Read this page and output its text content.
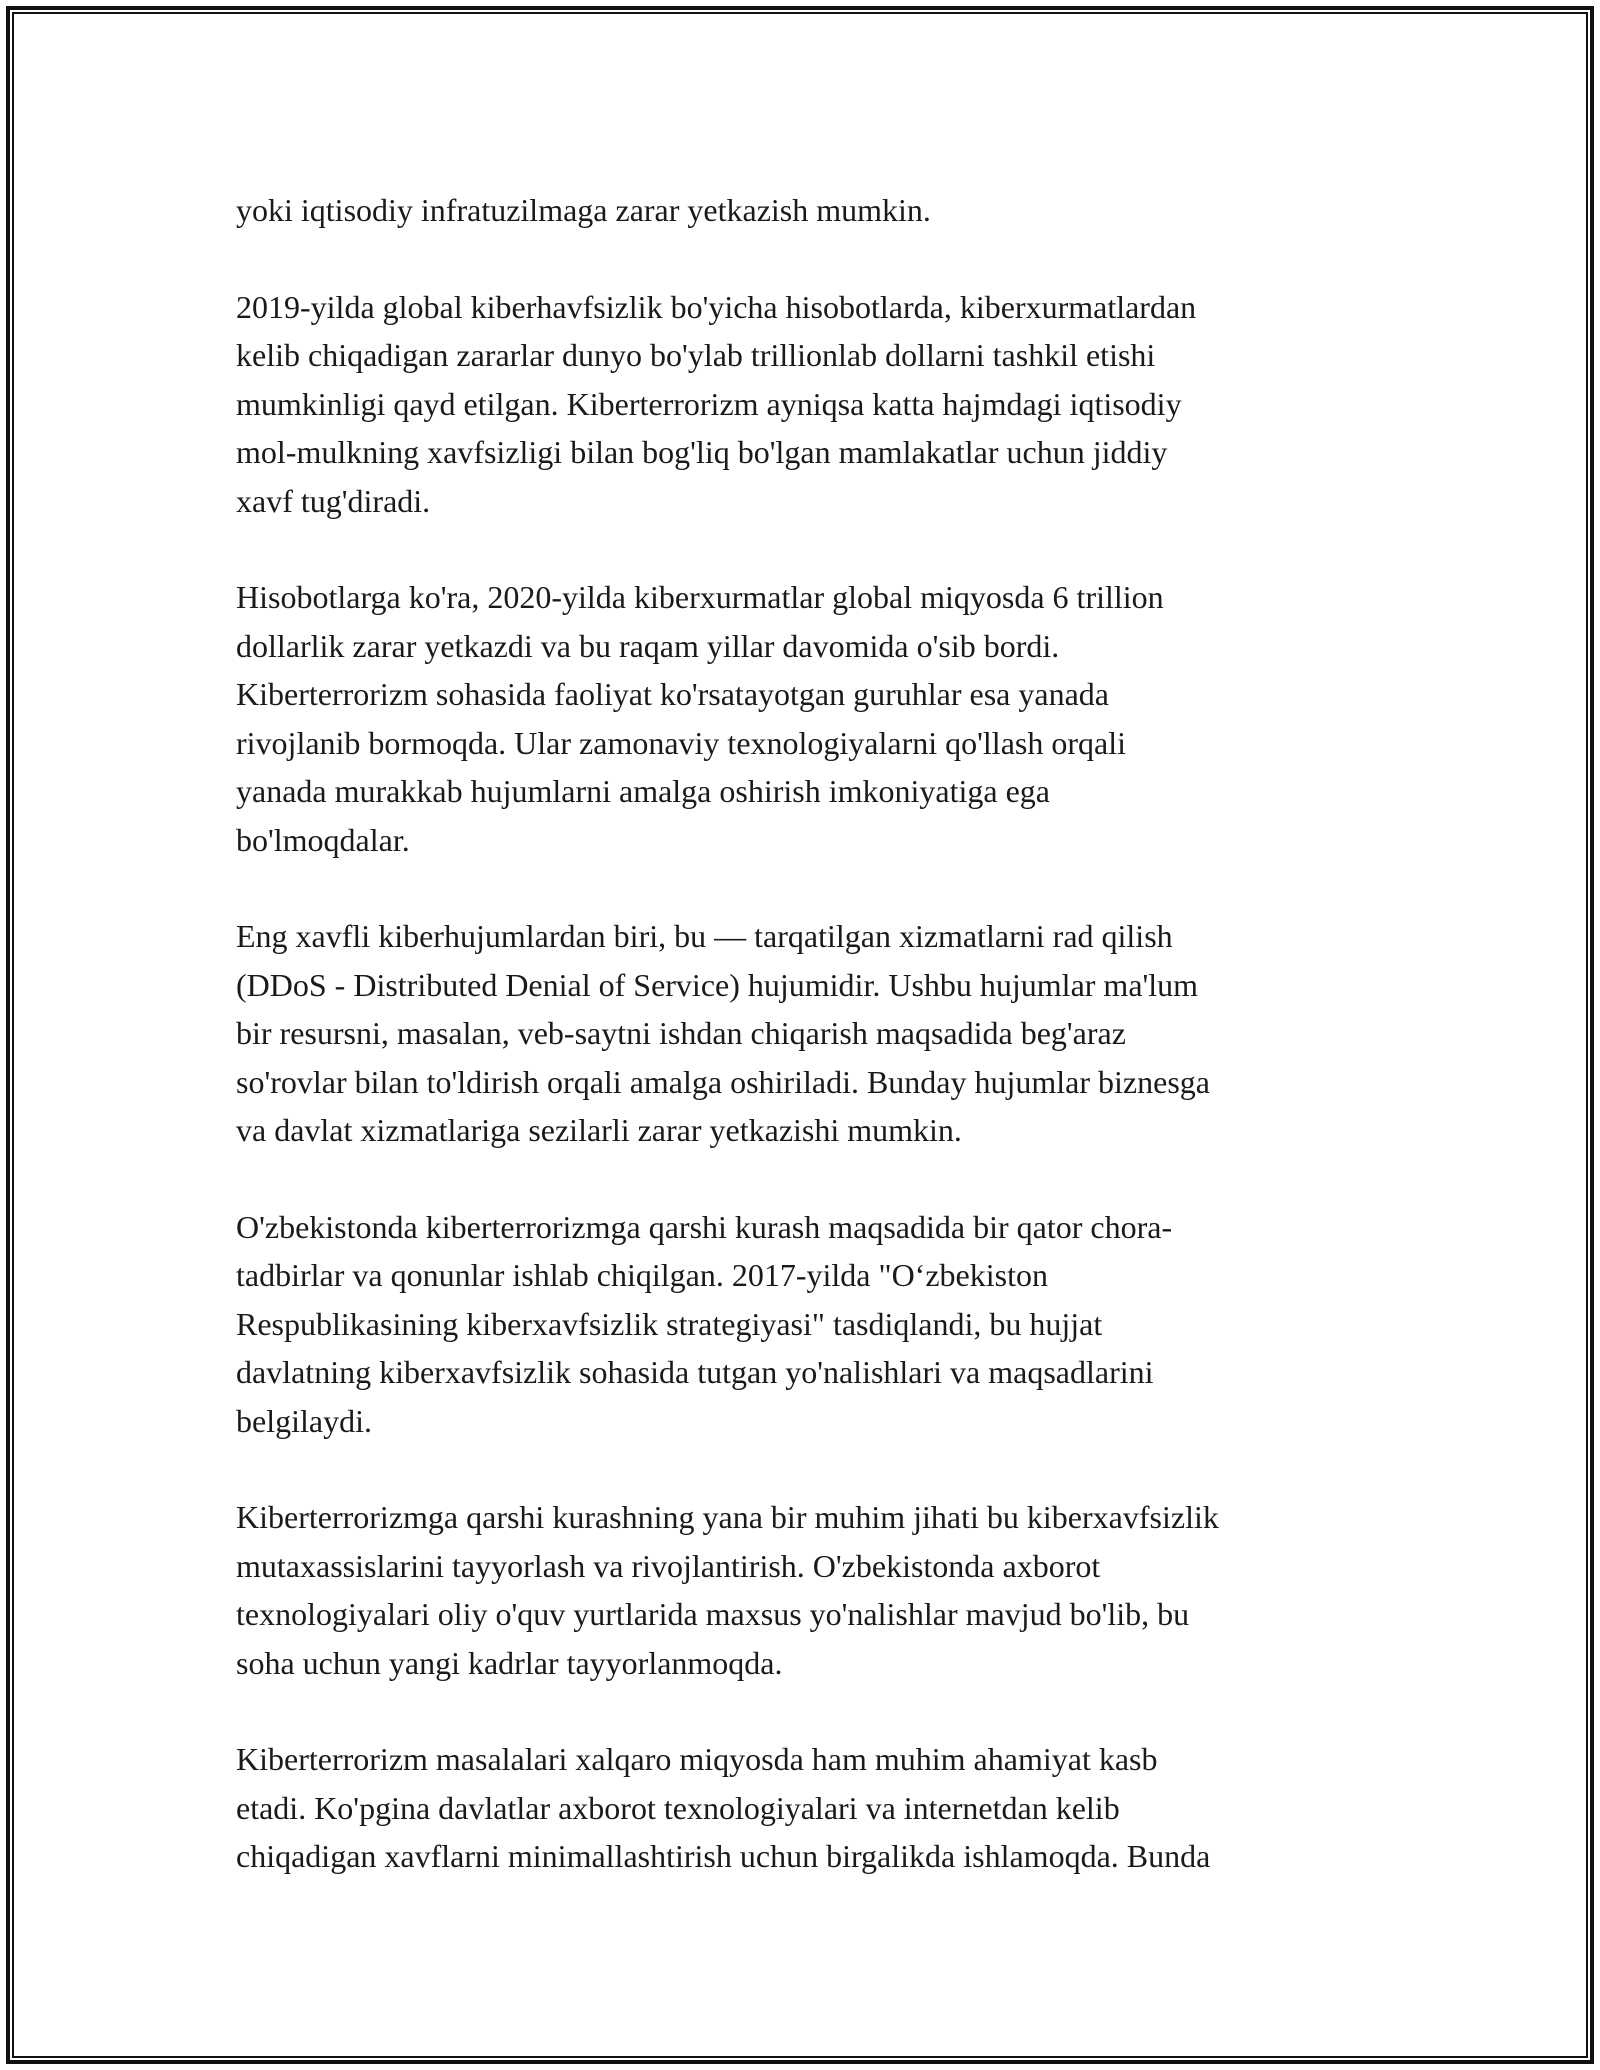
yoki iqtisodiy infratuzilmaga zarar yetkazish mumkin.

2019-yilda global kiberhavfsizlik bo'yicha hisobotlarda, kiberxurmatlardan
kelib chiqadigan zararlar dunyo bo'ylab trillionlab dollarni tashkil etishi
mumkinligi qayd etilgan. Kiberterrorizm ayniqsa katta hajmdagi iqtisodiy
mol-mulkning xavfsizligi bilan bog'liq bo'lgan mamlakatlar uchun jiddiy
xavf tug'diradi.

Hisobotlarga ko'ra, 2020-yilda kiberxurmatlar global miqyosda 6 trillion
dollarlik zarar yetkazdi va bu raqam yillar davomida o'sib bordi.
Kiberterrorizm sohasida faoliyat ko'rsatayotgan guruhlar esa yanada
rivojlanib bormoqda. Ular zamonaviy texnologiyalarni qo'llash orqali
yanada murakkab hujumlarni amalga oshirish imkoniyatiga ega
bo'lmoqdalar.

Eng xavfli kiberhujumlardan biri, bu — tarqatilgan xizmatlarni rad qilish
(DDoS - Distributed Denial of Service) hujumidir. Ushbu hujumlar ma'lum
bir resursni, masalan, veb-saytni ishdan chiqarish maqsadida beg'araz
so'rovlar bilan to'ldirish orqali amalga oshiriladi. Bunday hujumlar biznesga
va davlat xizmatlariga sezilarli zarar yetkazishi mumkin.

O'zbekistonda kiberterrorizmga qarshi kurash maqsadida bir qator chora-
tadbirlar va qonunlar ishlab chiqilgan. 2017-yilda "O‘zbekiston
Respublikasining kiberxavfsizlik strategiyasi" tasdiqlandi, bu hujjat
davlatning kiberxavfsizlik sohasida tutgan yo'nalishlari va maqsadlarini
belgilaydi.

Kiberterrorizmga qarshi kurashning yana bir muhim jihati bu kiberxavfsizlik
mutaxassislarini tayyorlash va rivojlantirish. O'zbekistonda axborot
texnologiyalari oliy o'quv yurtlarida maxsus yo'nalishlar mavjud bo'lib, bu
soha uchun yangi kadrlar tayyorlanmoqda.

Kiberterrorizm masalalari xalqaro miqyosda ham muhim ahamiyat kasb
etadi. Ko'pgina davlatlar axborot texnologiyalari va internetdan kelib
chiqadigan xavflarni minimallashtirish uchun birgalikda ishlamoqda. Bunda
